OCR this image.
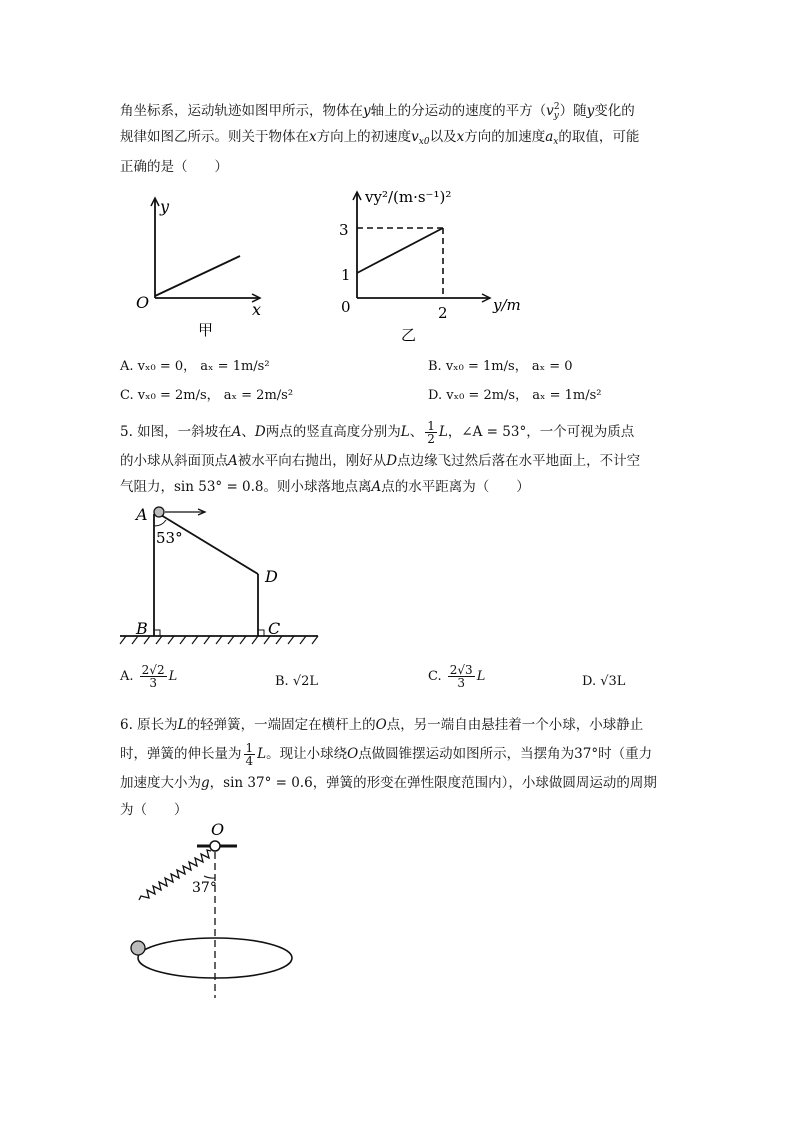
角坐标系，运动轨迹如图甲所示，物体在y轴上的分运动的速度的平方$(v_y^2)$随y变化的
规律如图乙所示。则关于物体在x方向上的初速度$v_{x0}$以及x方向的加速度$a_x$的取值，可能
正确的是（　　）
y
x
O
甲
vy²/(m·s⁻¹)²
3
1
0	2	y/m
乙
A. vₓ₀ = 0， aₓ = 1m/s²	B. vₓ₀ = 1m/s， aₓ = 0
C. vₓ₀ = 2m/s， aₓ = 2m/s²	D. vₓ₀ = 2m/s， aₓ = 1m/s²
5. 如图，一斜坡在A、D两点的竖直高度分别为L、 $\frac{1}{2}$ L，∠A = 53°，一个可视为质点
的小球从斜面顶点A被水平向右抛出，刚好从D点边缘飞过然后落在水平地面上，不计空
气阻力，sin 53° = 0.8。则小球落地点离A点的水平距离为（　　）
A
53°
D
B	C
A. $\frac{2√2}{3}$ L	B. √2L	C. $\frac{2√3}{3}$ L	D. √3L
6. 原长为L的轻弹簧，一端固定在横杆上的O点，另一端自由悬挂着一个小球，小球静止
时，弹簧的伸长量为 $\frac{1}{4}$ L。现让小球绕O点做圆锥摆运动如图所示，当摆角为37°时（重力
加速度大小为g，sin 37° = 0.6，弹簧的形变在弹性限度范围内），小球做圆周运动的周期
为（　　）
O
37°
